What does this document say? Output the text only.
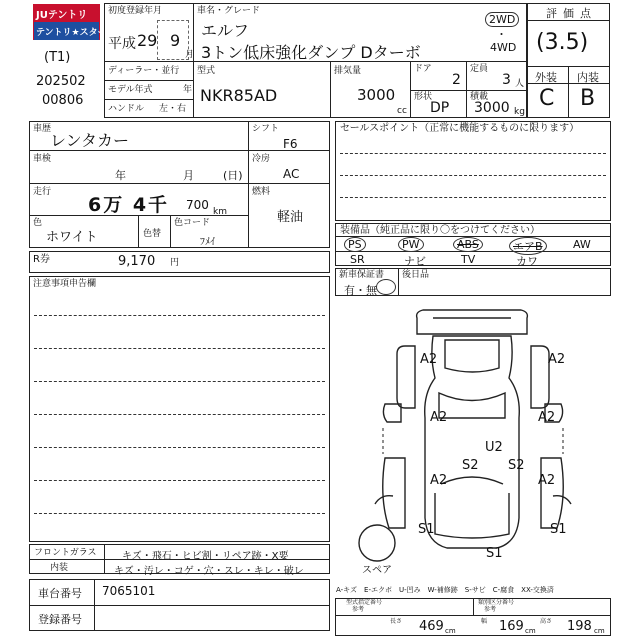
JUテントリ
テントリ★スター
(T1)
202502
00806
初度登録年月
平成 29 9
月
車名・グレード
エルフ
3トン低床強化ダンプ Dターボ
2WD
・
4WD
ディーラー・並行
モデル年式	年
ハンドル 左・右
型式
NKR85AD
排気量
3000
cc
ドア
2
定員
3 人
形状
DP
積載
3000 kg
評価点
(3.5)
外装 内装
C B
車歴
レンタカー
車検
年	月	(日)
走行
6万 4千 700 km
色
ホワイト	色替
色コード
ﾌﾒｲ
シフト
F6
冷房
AC
燃料
軽油
セールスポイント（正常に機能するものに限ります）
装備品（純正品に限り〇をつけてください）
PS	PW	ABS	エアB	AW
SR	ナビ	TV	カワ
新車保証書
有・無
後日品
R券	9,170 円
注意事項申告欄
A2	A2
A2	A2
U2
S2 S2
A2	A2
S1	S1
S1
スペア
フロントガラス	キズ・飛石・ヒビ割・リペア跡・X要
内装	キズ・汚レ・コゲ・穴・スレ・キレ・破レ
車台番号 7065101
登録番号
A-キズ　E-エクボ　U-凹み　W-補修跡　S-サビ　C-腐食　XX-交換済
型式指定番号
参考
類別区分番号
参考
長さ 469 cm
幅 169 cm
高さ 198 cm
